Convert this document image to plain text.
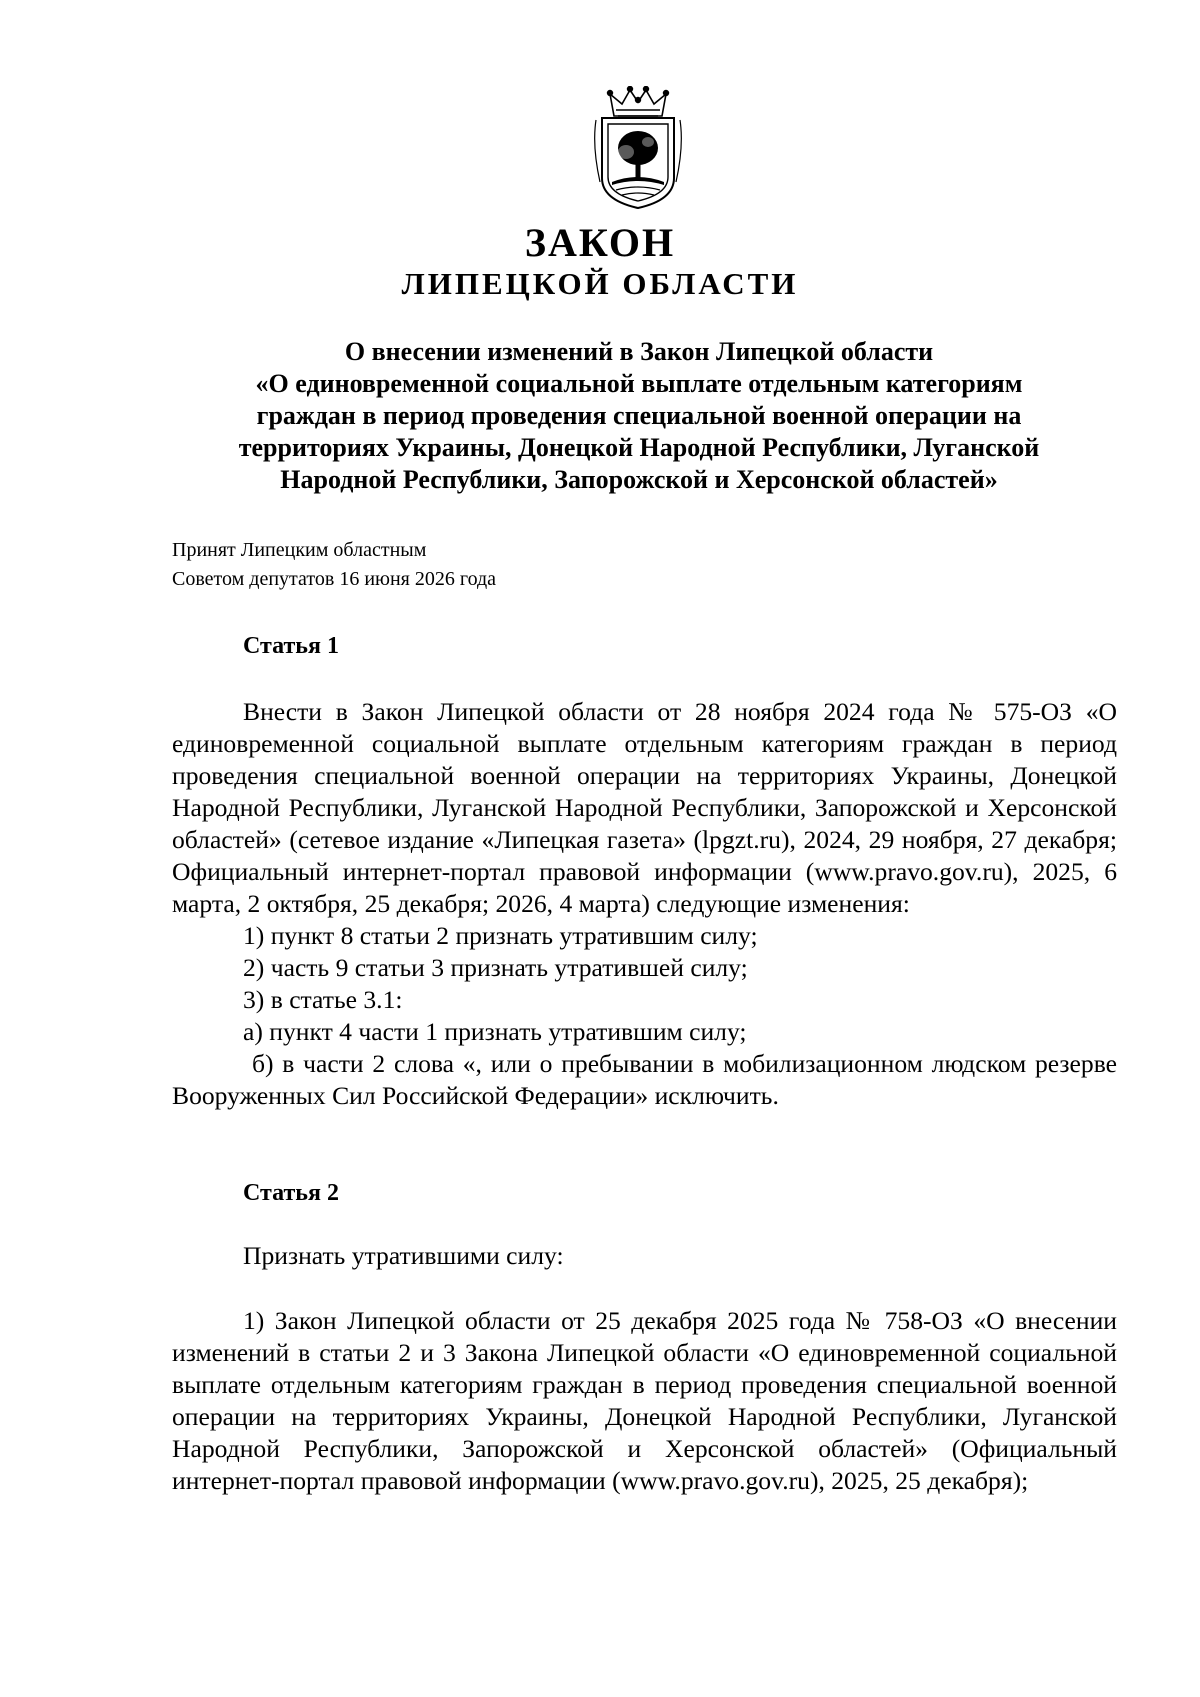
ЗАКОН
ЛИПЕЦКОЙ ОБЛАСТИ
О внесении изменений в Закон Липецкой области
«О единовременной социальной выплате отдельным категориям
граждан в период проведения специальной военной операции на
территориях Украины, Донецкой Народной Республики, Луганской
Народной Республики, Запорожской и Херсонской областей»
Принят Липецким областным
Советом депутатов 16 июня 2026 года
Статья 1

Внести в Закон Липецкой области от 28 ноября 2024 года № 575-ОЗ «О единовременной социальной выплате отдельным категориям граждан в период проведения специальной военной операции на территориях Украины, Донецкой Народной Республики, Луганской Народной Республики, Запорожской и Херсонской областей» (сетевое издание «Липецкая газета» (lpgzt.ru), 2024, 29 ноября, 27 декабря; Официальный интернет-портал правовой информации (www.pravo.gov.ru), 2025, 6 марта, 2 октября, 25 декабря; 2026, 4 марта) следующие изменения:

1) пункт 8 статьи 2 признать утратившим силу;

2) часть 9 статьи 3 признать утратившей силу;

3) в статье 3.1:

а) пункт 4 части 1 признать утратившим силу;

б) в части 2 слова «, или о пребывании в мобилизационном людском резерве Вооруженных Сил Российской Федерации» исключить.

Статья 2

Признать утратившими силу:

1) Закон Липецкой области от 25 декабря 2025 года № 758-ОЗ «О внесении изменений в статьи 2 и 3 Закона Липецкой области «О единовременной социальной выплате отдельным категориям граждан в период проведения специальной военной операции на территориях Украины, Донецкой Народной Республики, Луганской Народной Республики, Запорожской и Херсонской областей» (Официальный интернет-портал правовой информации (www.pravo.gov.ru), 2025, 25 декабря);
